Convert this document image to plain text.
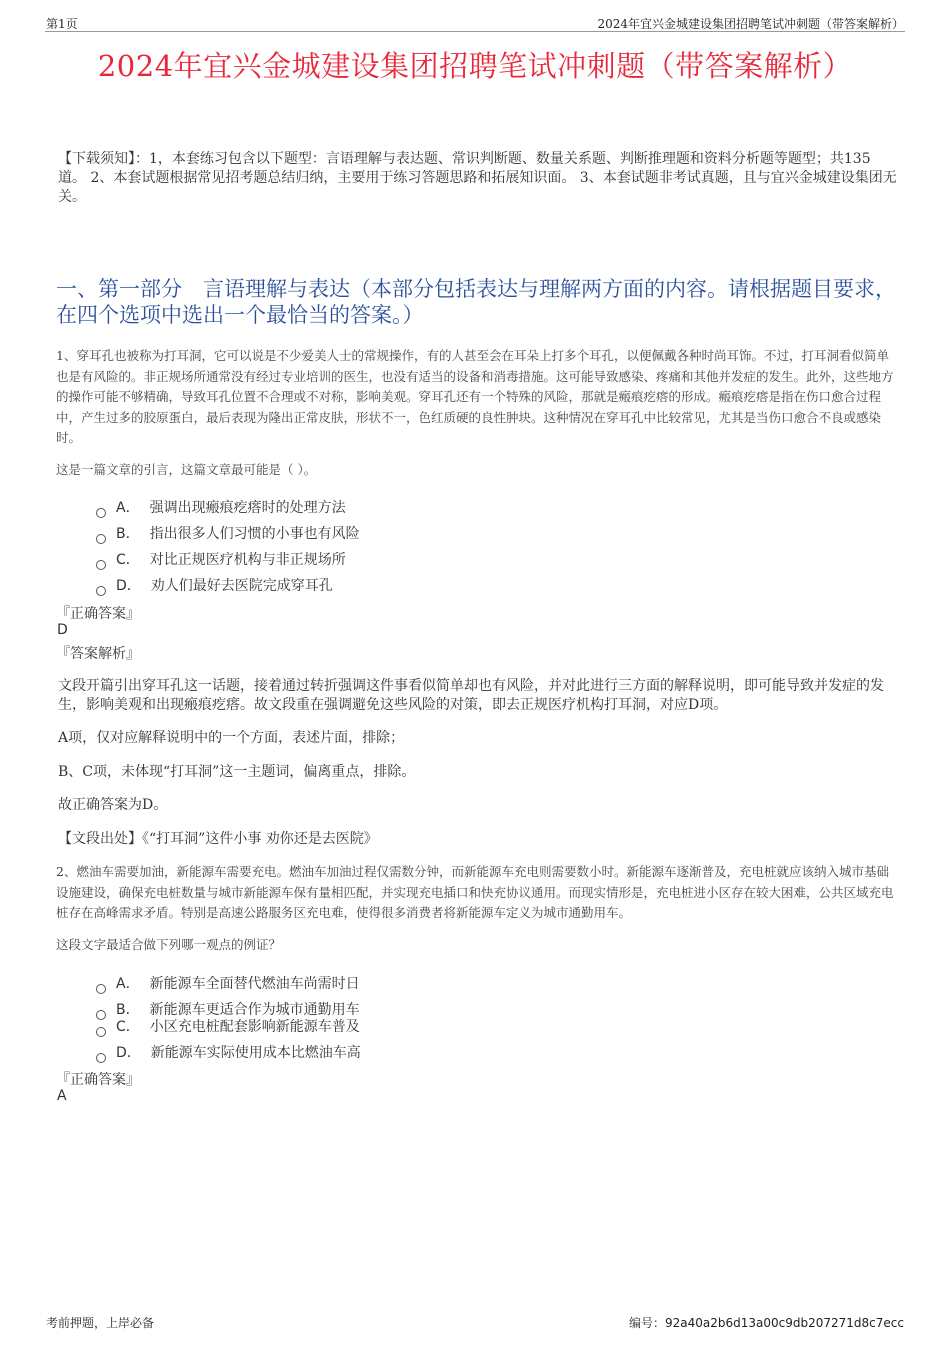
第1页	2024年宜兴金城建设集团招聘笔试冲刺题（带答案解析）
2024年宜兴金城建设集团招聘笔试冲刺题（带答案解析）
【下载须知】：1，本套练习包含以下题型：言语理解与表达题、常识判断题、数量关系题、判断推理题和资料分析题等题型；共135道。 2、本套试题根据常见招考题总结归纳，主要用于练习答题思路和拓展知识面。 3、本套试题非考试真题，且与宜兴金城建设集团无关。
一、第一部分　言语理解与表达（本部分包括表达与理解两方面的内容。请根据题目要求，在四个选项中选出一个最恰当的答案。）
1、穿耳孔也被称为打耳洞，它可以说是不少爱美人士的常规操作，有的人甚至会在耳朵上打多个耳孔，以便佩戴各种时尚耳饰。不过，打耳洞看似简单也是有风险的。非正规场所通常没有经过专业培训的医生，也没有适当的设备和消毒措施。这可能导致感染、疼痛和其他并发症的发生。此外，这些地方的操作可能不够精确，导致耳孔位置不合理或不对称，影响美观。穿耳孔还有一个特殊的风险，那就是瘢痕疙瘩的形成。瘢痕疙瘩是指在伤口愈合过程中，产生过多的胶原蛋白，最后表现为隆出正常皮肤，形状不一，色红质硬的良性肿块。这种情况在穿耳孔中比较常见，尤其是当伤口愈合不良或感染时。
这是一篇文章的引言，这篇文章最可能是（ ）。
A． 强调出现瘢痕疙瘩时的处理方法
B． 指出很多人们习惯的小事也有风险
C． 对比正规医疗机构与非正规场所
D． 劝人们最好去医院完成穿耳孔
『正确答案』
D
『答案解析』
文段开篇引出穿耳孔这一话题，接着通过转折强调这件事看似简单却也有风险，并对此进行三方面的解释说明，即可能导致并发症的发生，影响美观和出现瘢痕疙瘩。故文段重在强调避免这些风险的对策，即去正规医疗机构打耳洞，对应D项。
A项，仅对应解释说明中的一个方面，表述片面，排除；
B、C项，未体现“打耳洞”这一主题词，偏离重点，排除。
故正确答案为D。
【文段出处】《“打耳洞”这件小事 劝你还是去医院》
2、燃油车需要加油，新能源车需要充电。燃油车加油过程仅需数分钟，而新能源车充电则需要数小时。新能源车逐渐普及，充电桩就应该纳入城市基础设施建设，确保充电桩数量与城市新能源车保有量相匹配，并实现充电插口和快充协议通用。而现实情形是，充电桩进小区存在较大困难，公共区域充电桩存在高峰需求矛盾。特别是高速公路服务区充电难，使得很多消费者将新能源车定义为城市通勤用车。
这段文字最适合做下列哪一观点的例证？
A． 新能源车全面替代燃油车尚需时日
B． 新能源车更适合作为城市通勤用车
C． 小区充电桩配套影响新能源车普及
D． 新能源车实际使用成本比燃油车高
『正确答案』
A
考前押题，上岸必备	编号：92a40a2b6d13a00c9db207271d8c7ecc
